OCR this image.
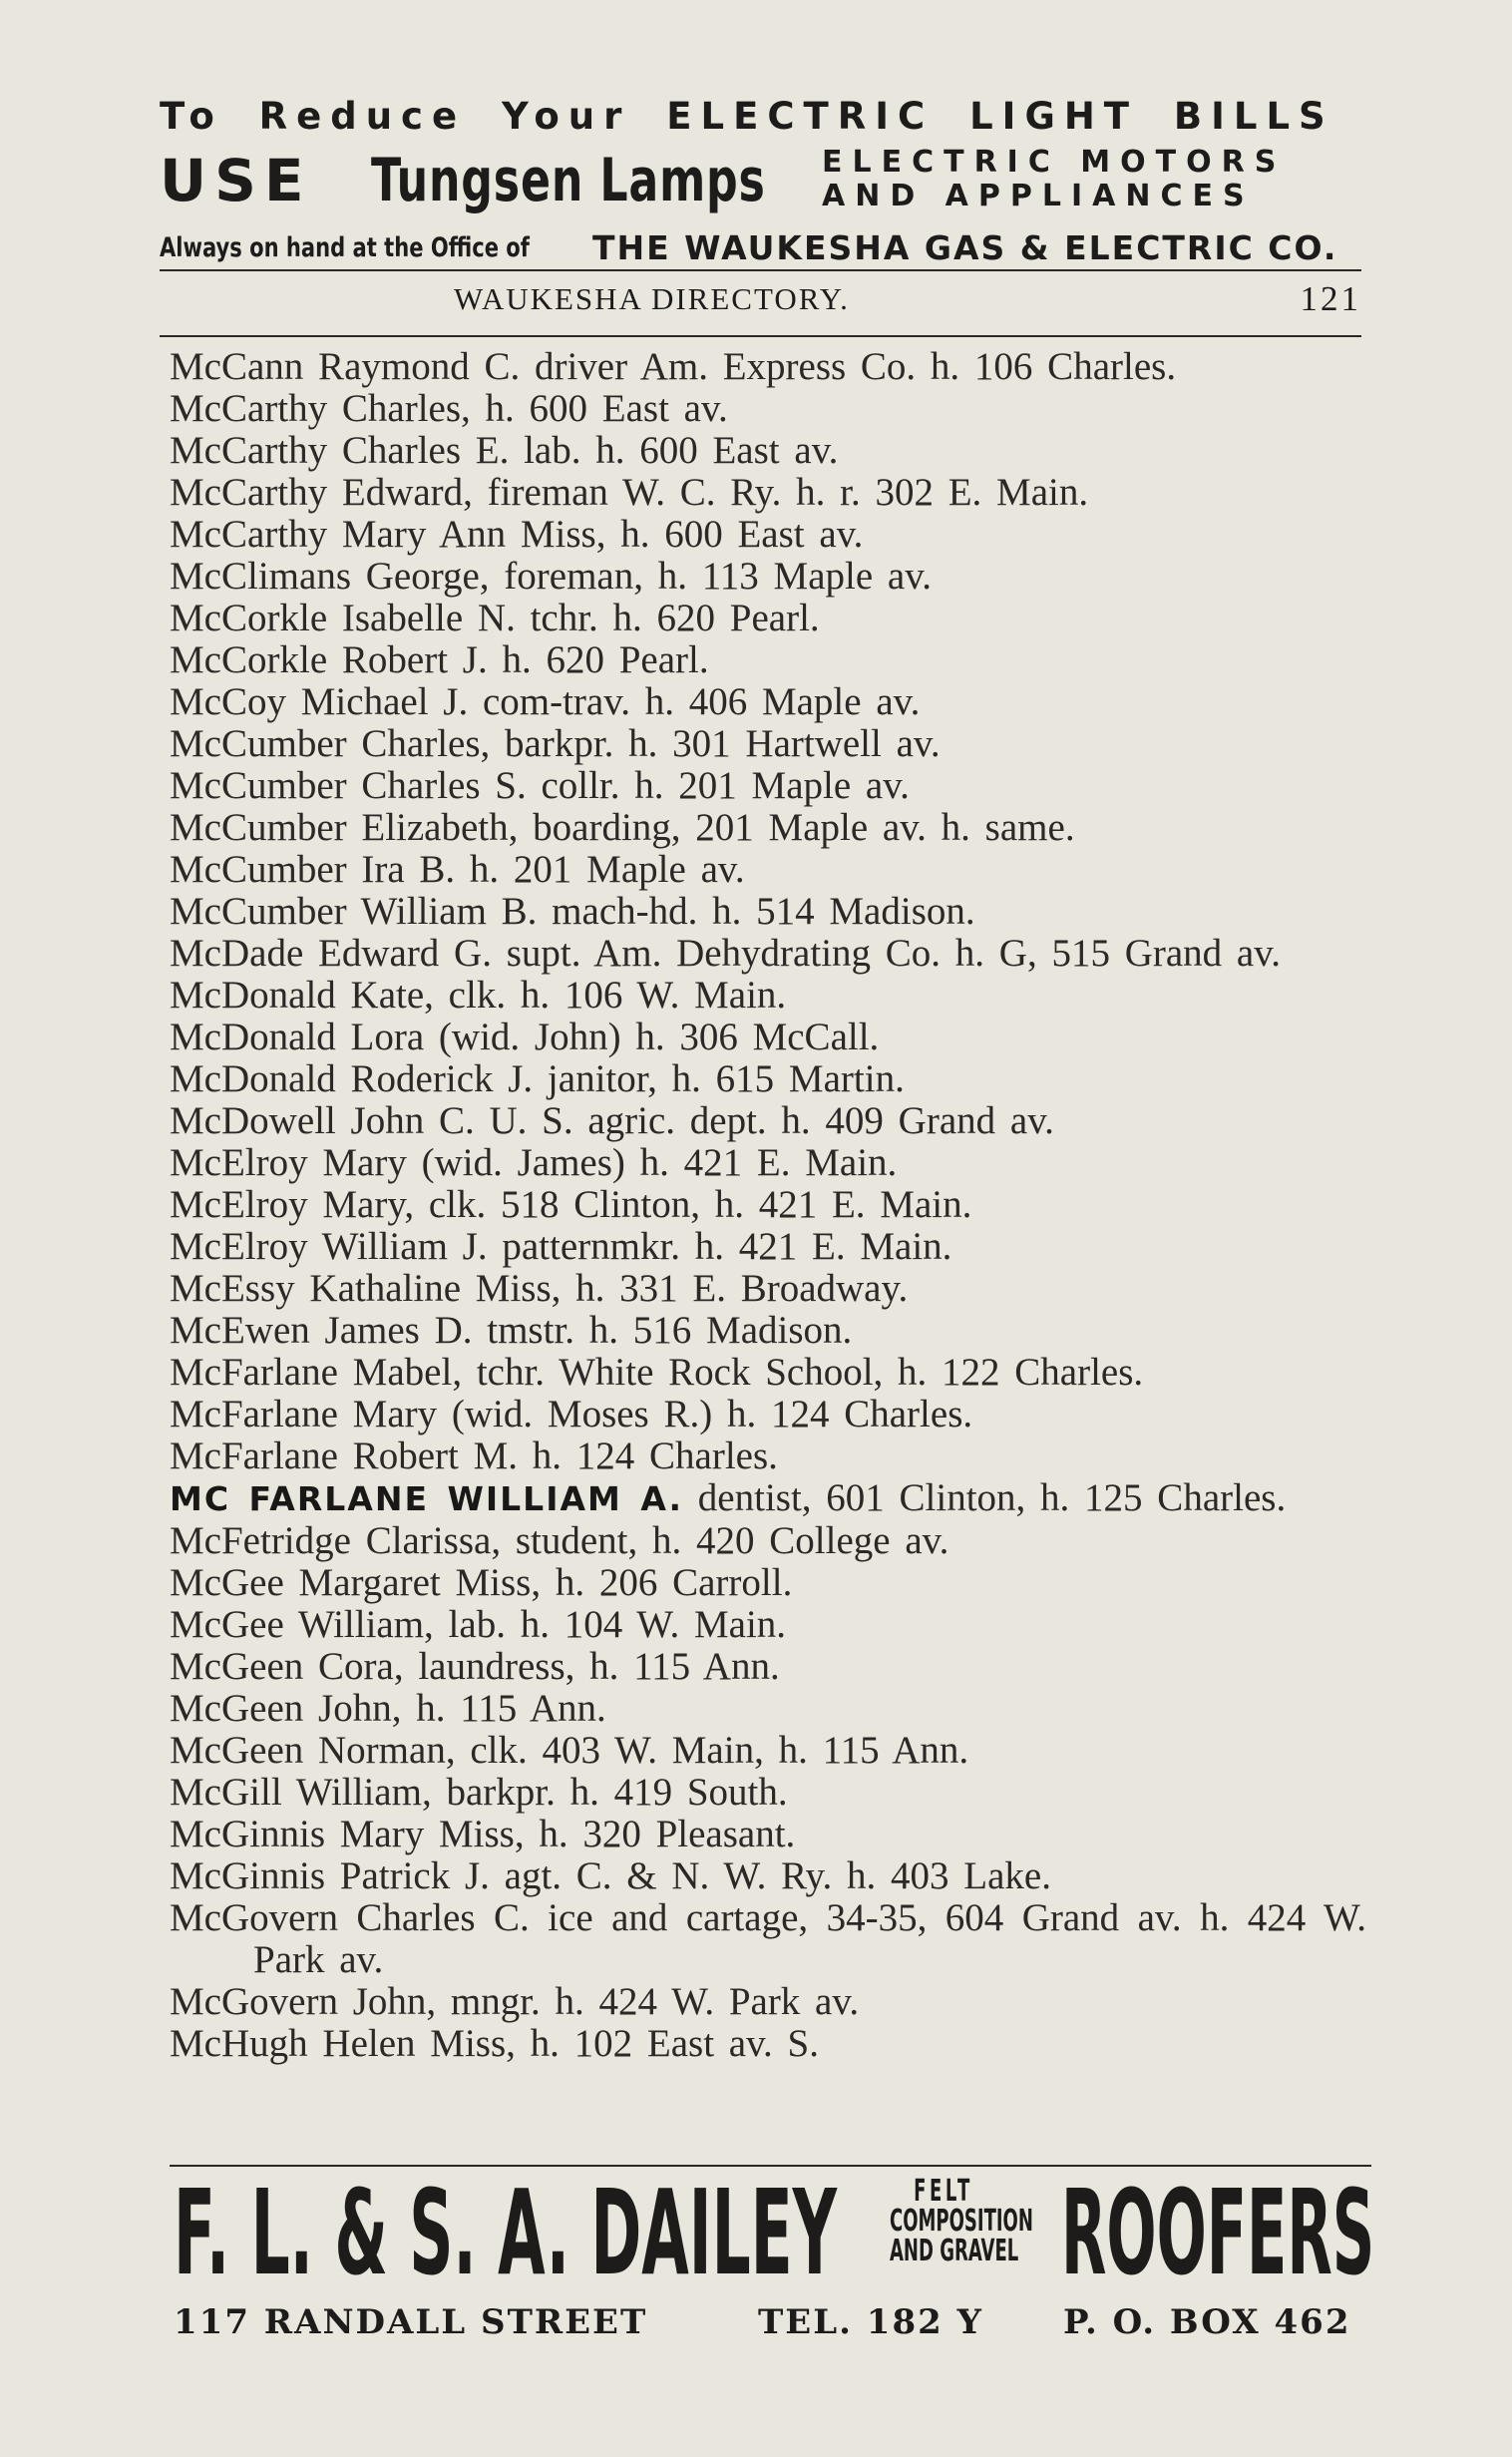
To Reduce Your ELECTRIC LIGHT BILLS
USE Tungsen Lamps ELECTRIC MOTORS
AND APPLIANCES
Always on hand at the Office of THE WAUKESHA GAS & ELECTRIC CO.
WAUKESHA DIRECTORY.	121
McCann Raymond C. driver Am. Express Co. h. 106 Charles.
McCarthy Charles, h. 600 East av.
McCarthy Charles E. lab. h. 600 East av.
McCarthy Edward, fireman W. C. Ry. h. r. 302 E. Main.
McCarthy Mary Ann Miss, h. 600 East av.
McClimans George, foreman, h. 113 Maple av.
McCorkle Isabelle N. tchr. h. 620 Pearl.
McCorkle Robert J. h. 620 Pearl.
McCoy Michael J. com-trav. h. 406 Maple av.
McCumber Charles, barkpr. h. 301 Hartwell av.
McCumber Charles S. collr. h. 201 Maple av.
McCumber Elizabeth, boarding, 201 Maple av. h. same.
McCumber Ira B. h. 201 Maple av.
McCumber William B. mach-hd. h. 514 Madison.
McDade Edward G. supt. Am. Dehydrating Co. h. G, 515 Grand av.
McDonald Kate, clk. h. 106 W. Main.
McDonald Lora (wid. John) h. 306 McCall.
McDonald Roderick J. janitor, h. 615 Martin.
McDowell John C. U. S. agric. dept. h. 409 Grand av.
McElroy Mary (wid. James) h. 421 E. Main.
McElroy Mary, clk. 518 Clinton, h. 421 E. Main.
McElroy William J. patternmkr. h. 421 E. Main.
McEssy Kathaline Miss, h. 331 E. Broadway.
McEwen James D. tmstr. h. 516 Madison.
McFarlane Mabel, tchr. White Rock School, h. 122 Charles.
McFarlane Mary (wid. Moses R.) h. 124 Charles.
McFarlane Robert M. h. 124 Charles.
MC FARLANE WILLIAM A. dentist, 601 Clinton, h. 125 Charles.
McFetridge Clarissa, student, h. 420 College av.
McGee Margaret Miss, h. 206 Carroll.
McGee William, lab. h. 104 W. Main.
McGeen Cora, laundress, h. 115 Ann.
McGeen John, h. 115 Ann.
McGeen Norman, clk. 403 W. Main, h. 115 Ann.
McGill William, barkpr. h. 419 South.
McGinnis Mary Miss, h. 320 Pleasant.
McGinnis Patrick J. agt. C. & N. W. Ry. h. 403 Lake.
McGovern Charles C. ice and cartage, 34-35, 604 Grand av. h. 424 W. Park av.
McGovern John, mngr. h. 424 W. Park av.
McHugh Helen Miss, h. 102 East av. S.
F. L. & S. A. DAILEY	FELT
COMPOSITION
AND GRAVEL ROOFERS
117 RANDALL STREET	TEL. 182 Y P. O. BOX 462
